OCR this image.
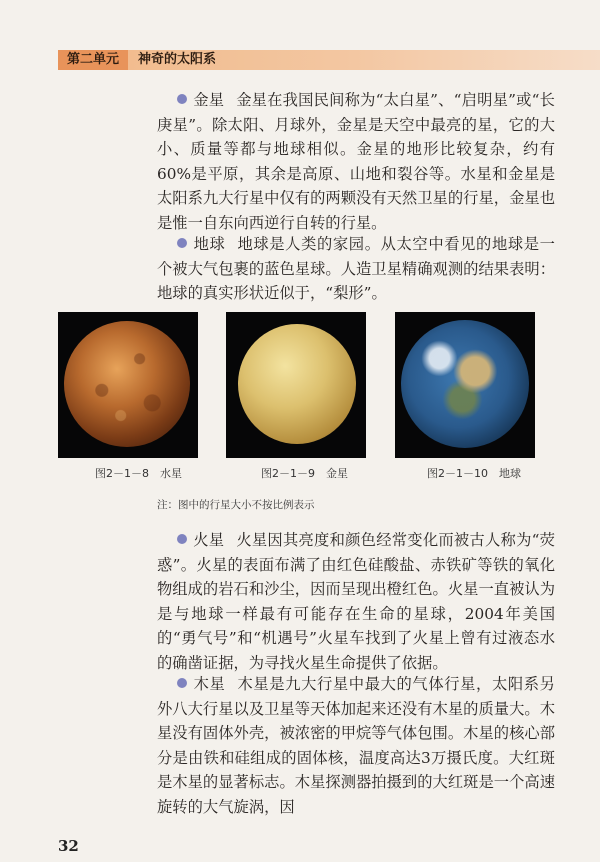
第二单元	神奇的太阳系

金星 金星在我国民间称为“太白星”、“启明星”或“长庚星”。除太阳、月球外，金星是天空中最亮的星，它的大小、质量等都与地球相似。金星的地形比较复杂，约有60%是平原，其余是高原、山地和裂谷等。水星和金星是太阳系九大行星中仅有的两颗没有天然卫星的行星，金星也是惟一自东向西逆行自转的行星。

地球 地球是人类的家园。从太空中看见的地球是一个被大气包裹的蓝色星球。人造卫星精确观测的结果表明：地球的真实形状近似于，“梨形”。

图2－1－8　水星	图2－1－9　金星	图2－1－10　地球
注：图中的行星大小不按比例表示

火星 火星因其亮度和颜色经常变化而被古人称为“荧惑”。火星的表面布满了由红色硅酸盐、赤铁矿等铁的氧化物组成的岩石和沙尘，因而呈现出橙红色。火星一直被认为是与地球一样最有可能存在生命的星球，2004年美国的“勇气号”和“机遇号”火星车找到了火星上曾有过液态水的确凿证据，为寻找火星生命提供了依据。

木星 木星是九大行星中最大的气体行星，太阳系另外八大行星以及卫星等天体加起来还没有木星的质量大。木星没有固体外壳，被浓密的甲烷等气体包围。木星的核心部分是由铁和硅组成的固体核，温度高达3万摄氏度。大红斑是木星的显著标志。木星探测器拍摄到的大红斑是一个高速旋转的大气旋涡，因

32
